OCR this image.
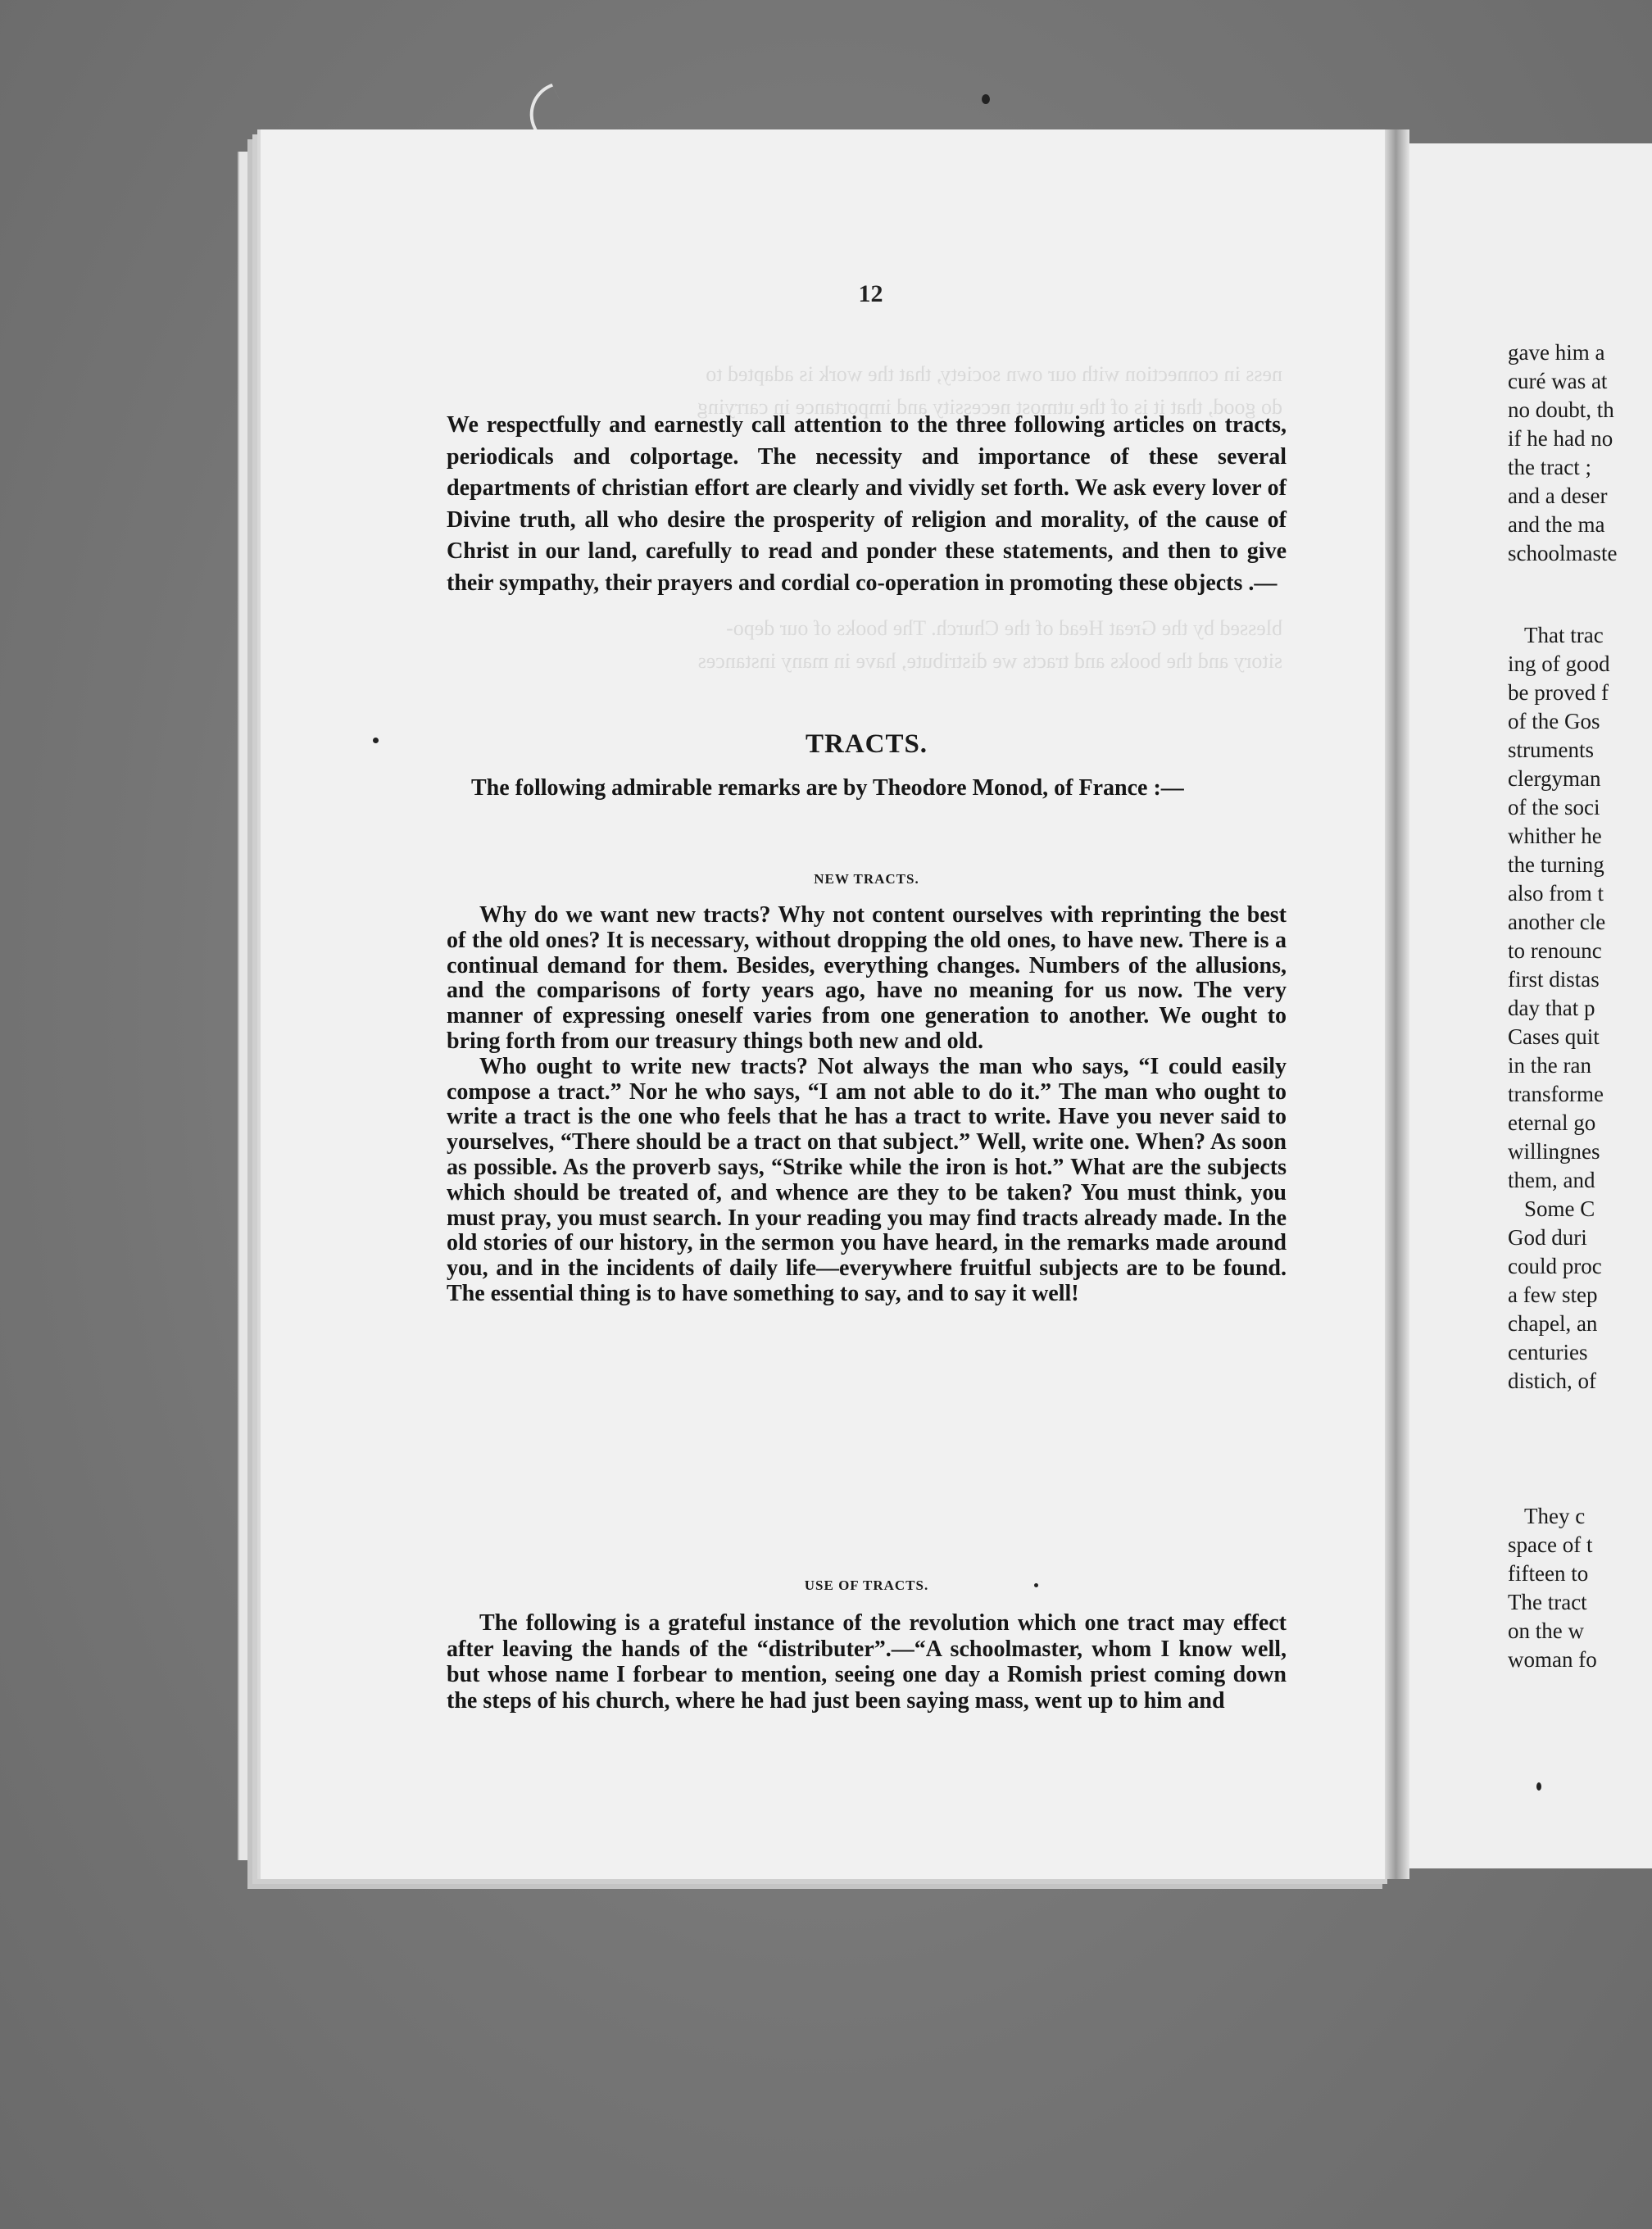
ness in connection with our own society, that the work is adapted to
do good, that it is of the utmost necessity and importance in carrying
blessed by the Great Head of the Church. The books of our depo-
sitory and the books and tracts we distribute, have in many instances
12

We respectfully and earnestly call attention to the three following articles on tracts, periodicals and colportage. The necessity and importance of these several departments of christian effort are clearly and vividly set forth. We ask every lover of Divine truth, all who desire the prosperity of religion and morality, of the cause of Christ in our land, carefully to read and ponder these statements, and then to give their sympathy, their prayers and cordial co-operation in promoting these objects .—

TRACTS.

The following admirable remarks are by Theodore Monod, of France :—

NEW TRACTS.

Why do we want new tracts? Why not content ourselves with reprinting the best of the old ones? It is necessary, without dropping the old ones, to have new. There is a continual demand for them. Besides, everything changes. Numbers of the allusions, and the comparisons of forty years ago, have no meaning for us now. The very manner of expressing oneself varies from one generation to another. We ought to bring forth from our treasury things both new and old.

Who ought to write new tracts? Not always the man who says, “I could easily compose a tract.” Nor he who says, “I am not able to do it.” The man who ought to write a tract is the one who feels that he has a tract to write. Have you never said to yourselves, “There should be a tract on that subject.” Well, write one. When? As soon as possible. As the proverb says, “Strike while the iron is hot.” What are the subjects which should be treated of, and whence are they to be taken? You must think, you must pray, you must search. In your reading you may find tracts already made. In the old stories of our history, in the sermon you have heard, in the remarks made around you, and in the incidents of daily life—everywhere fruitful subjects are to be found. The essential thing is to have something to say, and to say it well!

USE OF TRACTS.

The following is a grateful instance of the revolution which one tract may effect after leaving the hands of the “distributer”.—“A schoolmaster, whom I know well, but whose name I forbear to mention, seeing one day a Romish priest coming down the steps of his church, where he had just been saying mass, went up to him and

gave him a
curé was at
no doubt, th
if he had no
the tract ;
and a deser
and the ma
schoolmaste
That trac
ing of good
be proved f
of the Gos
struments
clergyman
of the soci
whither he
the turning
also from t
another cle
to renounc
first distas
day that p
Cases quit
in the ran
transforme
eternal go
willingnes
them, and
Some C
God duri
could proc
a few step
chapel, an
centuries
distich, of
They c
space of t
fifteen to
The tract
on the w
woman fo
